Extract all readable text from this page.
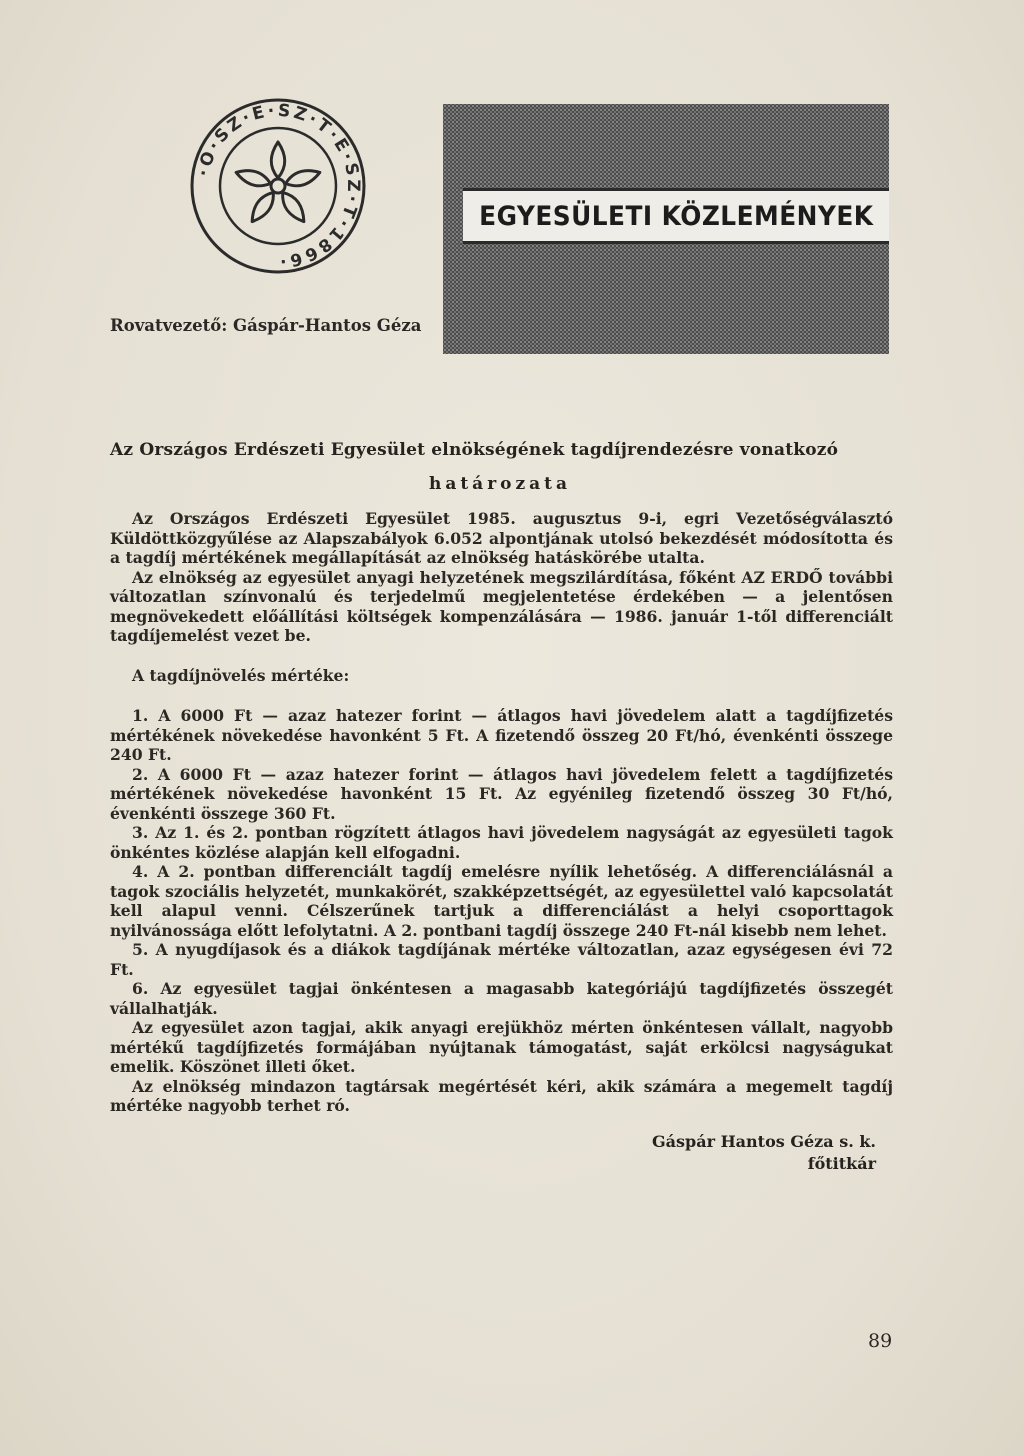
·O·SZ·E·SZ·T·E·SZ·T·1866·
EGYESÜLETI KÖZLEMÉNYEK
Rovatvezető: Gáspár-Hantos Géza
Az Országos Erdészeti Egyesület elnökségének tagdíjrendezésre vonatkozó
határozata

Az Országos Erdészeti Egyesület 1985. augusztus 9-i, egri Vezetőségválasztó Küldöttközgyűlése az Alapszabályok 6.052 alpontjának utolsó bekezdését módosította és a tagdíj mértékének megállapítását az elnökség hatáskörébe utalta.

Az elnökség az egyesület anyagi helyzetének megszilárdítása, főként AZ ERDŐ további változatlan színvonalú és terjedelmű megjelentetése érdekében — a jelentősen megnövekedett előállítási költségek kompenzálására — 1986. január 1-től differenciált tagdíjemelést vezet be.

A tagdíjnövelés mértéke:

1. A 6000 Ft — azaz hatezer forint — átlagos havi jövedelem alatt a tagdíjfizetés mértékének növekedése havonként 5 Ft. A fizetendő összeg 20 Ft/hó, évenkénti összege 240 Ft.

2. A 6000 Ft — azaz hatezer forint — átlagos havi jövedelem felett a tagdíjfizetés mértékének növekedése havonként 15 Ft. Az egyénileg fizetendő összeg 30 Ft/hó, évenkénti összege 360 Ft.

3. Az 1. és 2. pontban rögzített átlagos havi jövedelem nagyságát az egyesületi tagok önkéntes közlése alapján kell elfogadni.

4. A 2. pontban differenciált tagdíj emelésre nyílik lehetőség. A differenciálásnál a tagok szociális helyzetét, munkakörét, szakképzettségét, az egyesülettel való kapcsolatát kell alapul venni. Célszerűnek tartjuk a differenciálást a helyi csoporttagok nyilvánossága előtt lefolytatni. A 2. pontbani tagdíj összege 240 Ft-nál kisebb nem lehet.

5. A nyugdíjasok és a diákok tagdíjának mértéke változatlan, azaz egységesen évi 72 Ft.

6. Az egyesület tagjai önkéntesen a magasabb kategóriájú tagdíjfizetés összegét vállalhatják.

Az egyesület azon tagjai, akik anyagi erejükhöz mérten önkéntesen vállalt, nagyobb mértékű tagdíjfizetés formájában nyújtanak támogatást, saját erkölcsi nagyságukat emelik. Köszönet illeti őket.

Az elnökség mindazon tagtársak megértését kéri, akik számára a megemelt tagdíj mértéke nagyobb terhet ró.

Gáspár Hantos Géza s. k.
főtitkár
89
